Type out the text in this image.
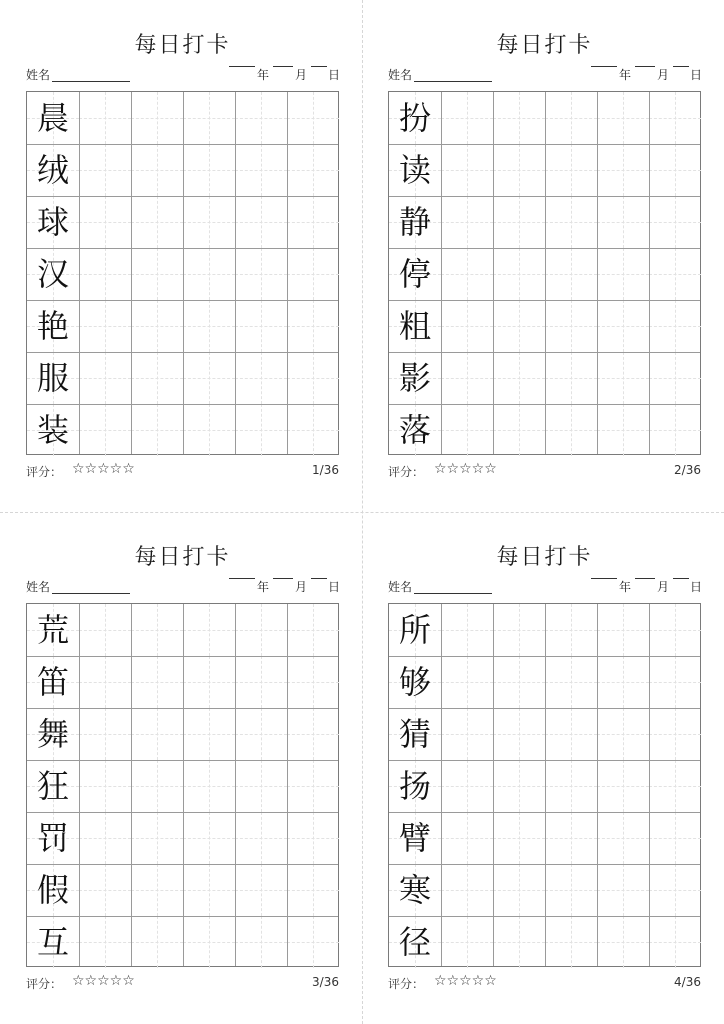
每日打卡
姓名	年 月 日
晨
绒
球
汉
艳
服
装
评分： ☆☆☆☆☆	1/36
每日打卡
姓名	年 月 日
扮
读
静
停
粗
影
落
评分： ☆☆☆☆☆	2/36
每日打卡
姓名	年 月 日
荒
笛
舞
狂
罚
假
互
评分： ☆☆☆☆☆	3/36
每日打卡
姓名	年 月 日
所
够
猜
扬
臂
寒
径
评分： ☆☆☆☆☆	4/36
